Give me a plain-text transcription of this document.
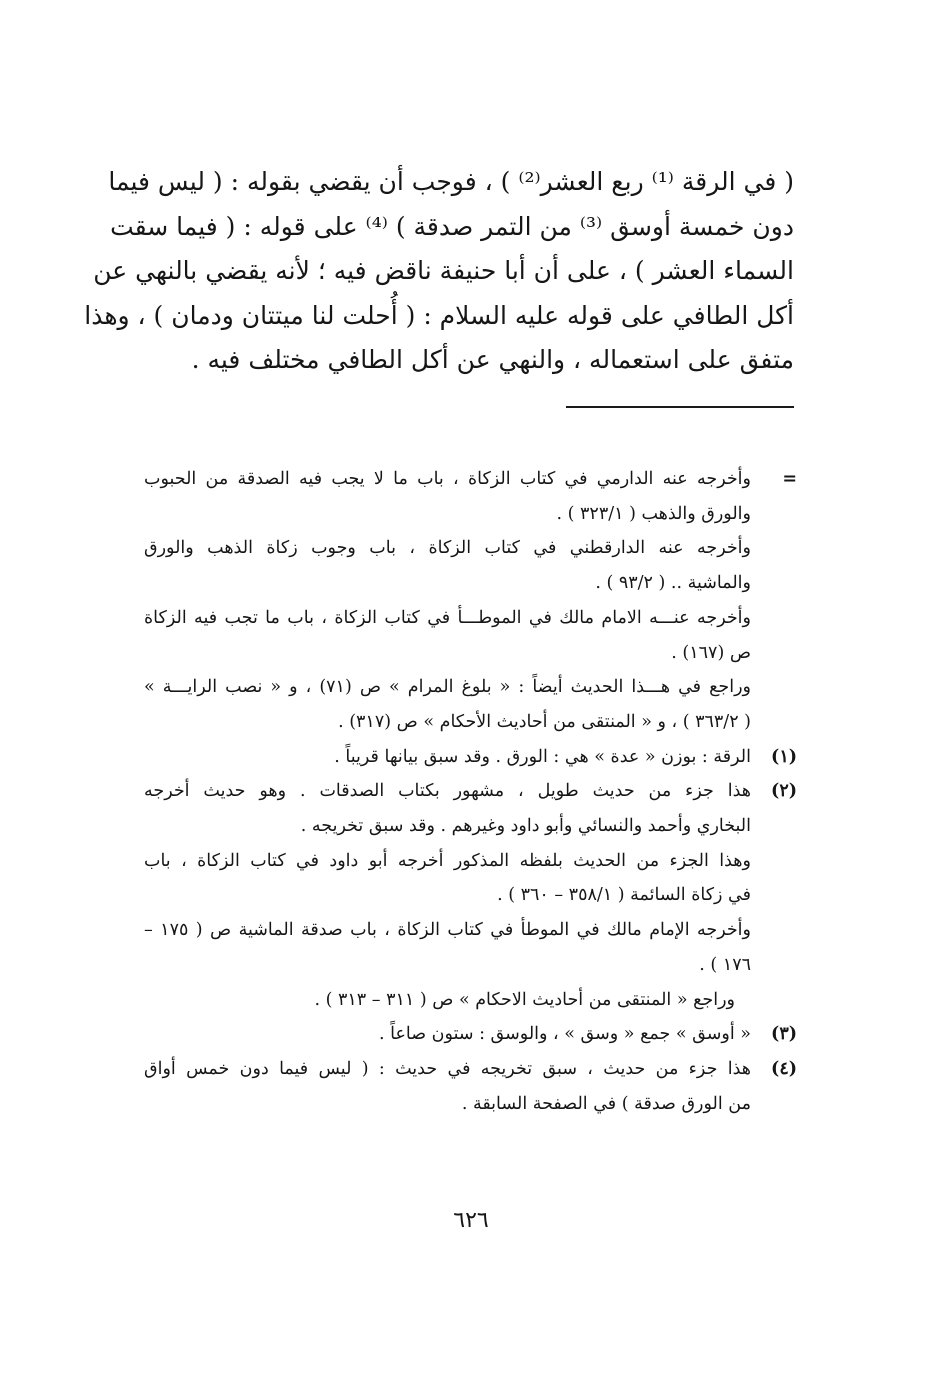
( في الرقة ⁽¹⁾ ربع العشر⁽²⁾ ) ، فوجب أن يقضي بقوله : ( ليس فيما
دون خمسة أوسق ⁽³⁾ من التمر صدقة ) ⁽⁴⁾ على قوله : ( فيما سقت
السماء العشر ) ، على أن أبا حنيفة ناقض فيه ؛ لأنه يقضي بالنهي عن
أكل الطافي على قوله عليه السلام : ( أُحلت لنا ميتتان ودمان ) ، وهذا
متفق على استعماله ، والنهي عن أكل الطافي مختلف فيه .
=
وأخرجه عنه الدارمي في كتاب الزكاة ، باب ما لا يجب فيه الصدقة من الحبوب
والورق والذهب ( ٣٢٣/١ ) .
وأخرجه عنه الدارقطني في كتاب الزكاة ، باب وجوب زكاة الذهب والورق
والماشية .. ( ٩٣/٢ ) .
وأخرجه عنـــه الامام مالك في الموطـــأ في كتاب الزكاة ، باب ما تجب فيه الزكاة
ص (١٦٧) .
وراجع في هـــذا الحديث أيضاً : « بلوغ المرام » ص (٧١) ، و « نصب الرايـــة »
( ٣٦٣/٢ ) ، و « المنتقى من أحاديث الأحكام » ص (٣١٧) .
(١)
الرقة : بوزن « عدة » هي : الورق . وقد سبق بيانها قريباً .
(٢)
هذا جزء من حديث طويل ، مشهور بكتاب الصدقات . وهو حديث أخرجه
البخاري وأحمد والنسائي وأبو داود وغيرهم . وقد سبق تخريجه .
وهذا الجزء من الحديث بلفظه المذكور أخرجه أبو داود في كتاب الزكاة ، باب
في زكاة السائمة ( ٣٥٨/١ – ٣٦٠ ) .
وأخرجه الإمام مالك في الموطأ في كتاب الزكاة ، باب صدقة الماشية ص ( ١٧٥ –
١٧٦ ) .
وراجع « المنتقى من أحاديث الاحكام » ص ( ٣١١ – ٣١٣ ) .
(٣)
« أوسق » جمع « وسق » ، والوسق : ستون صاعاً .
(٤)
هذا جزء من حديث ، سبق تخريجه في حديث : ( ليس فيما دون خمس أواق
من الورق صدقة ) في الصفحة السابقة .
٦٢٦
